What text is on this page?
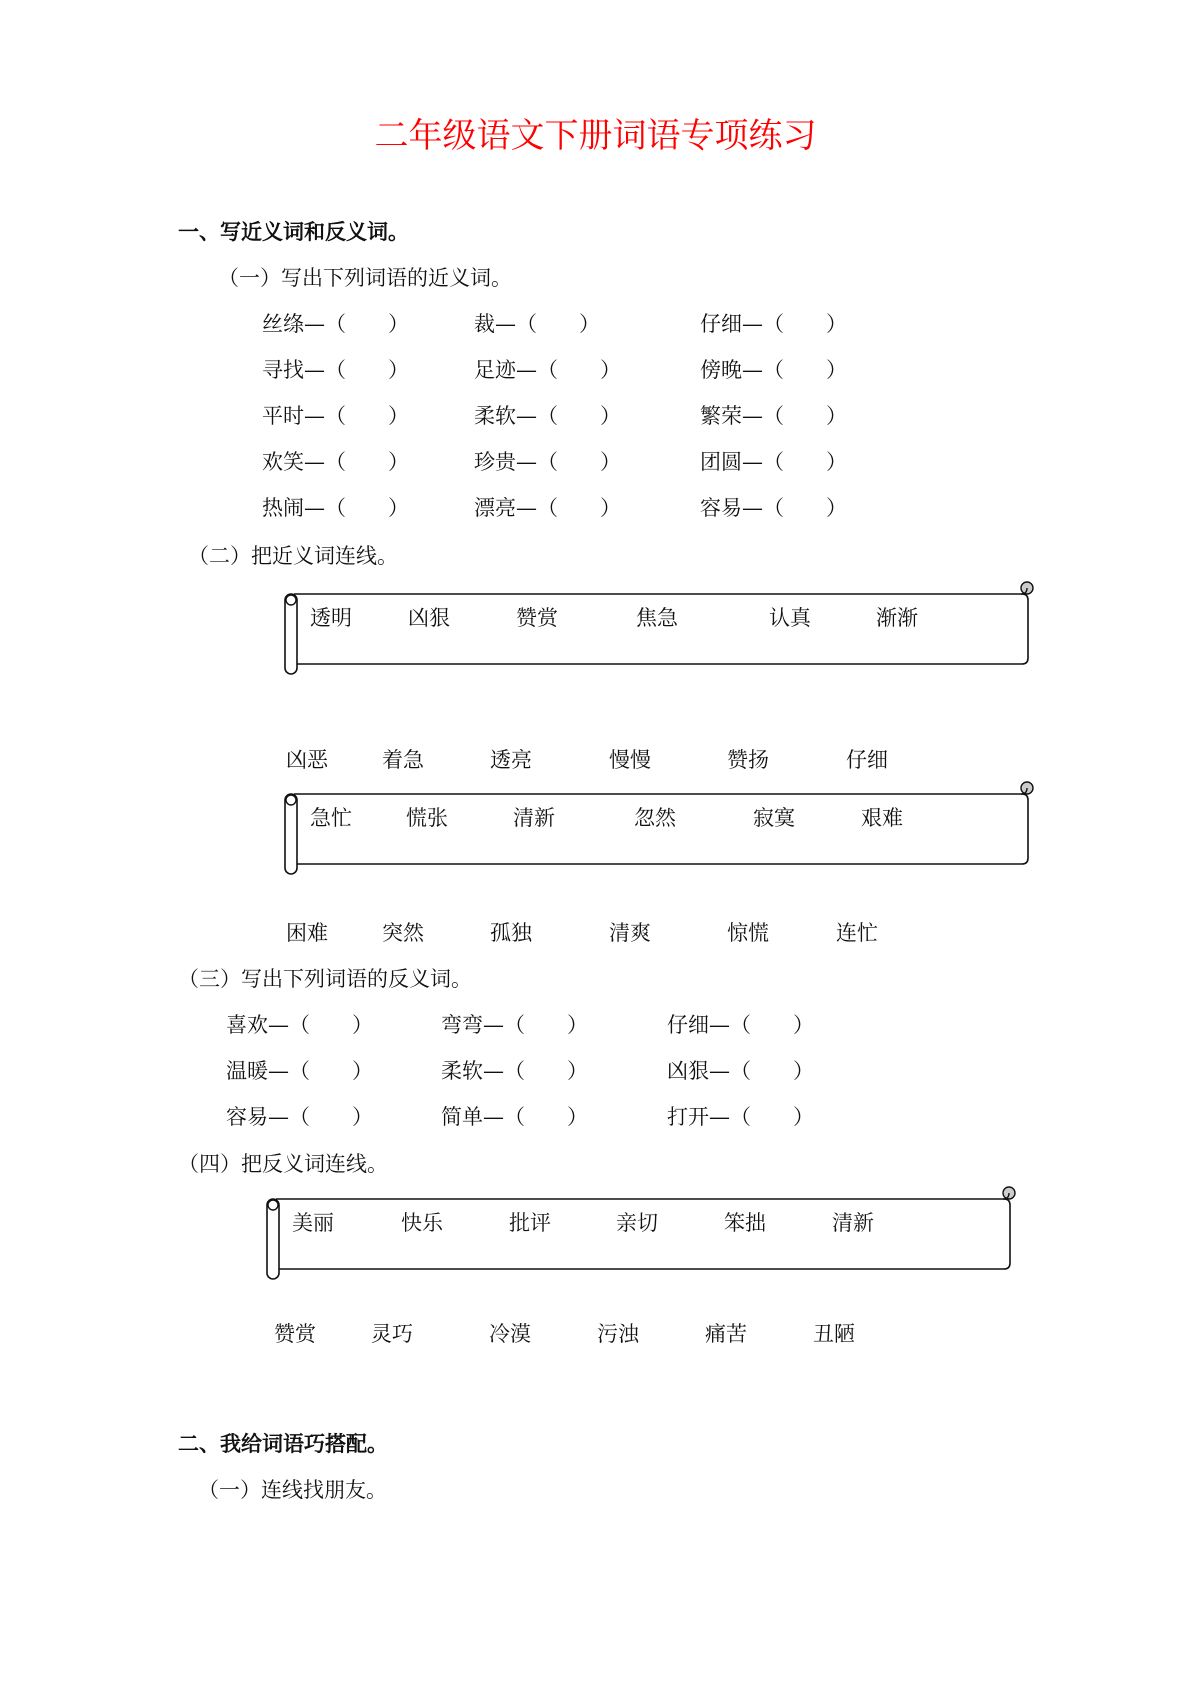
二年级语文下册词语专项练习
一、写近义词和反义词。
（一）写出下列词语的近义词。
丝绦—（　　）	裁—（　　）	仔细—（　　）
寻找—（　　）	足迹—（　　）	傍晚—（　　）
平时—（　　）	柔软—（　　）	繁荣—（　　）
欢笑—（　　）	珍贵—（　　）	团圆—（　　）
热闹—（　　）	漂亮—（　　）	容易—（　　）
（二）把近义词连线。
透明	凶狠	赞赏	焦急	认真	渐渐
凶恶	着急	透亮	慢慢	赞扬	仔细
急忙	慌张	清新	忽然	寂寞	艰难
困难	突然	孤独	清爽	惊慌	连忙
（三）写出下列词语的反义词。
喜欢—（　　）	弯弯—（　　）	仔细—（　　）
温暖—（　　）	柔软—（　　）	凶狠—（　　）
容易—（　　）	简单—（　　）	打开—（　　）
（四）把反义词连线。
美丽	快乐	批评	亲切	笨拙	清新
赞赏	灵巧	冷漠	污浊	痛苦	丑陋
二、我给词语巧搭配。
（一）连线找朋友。
